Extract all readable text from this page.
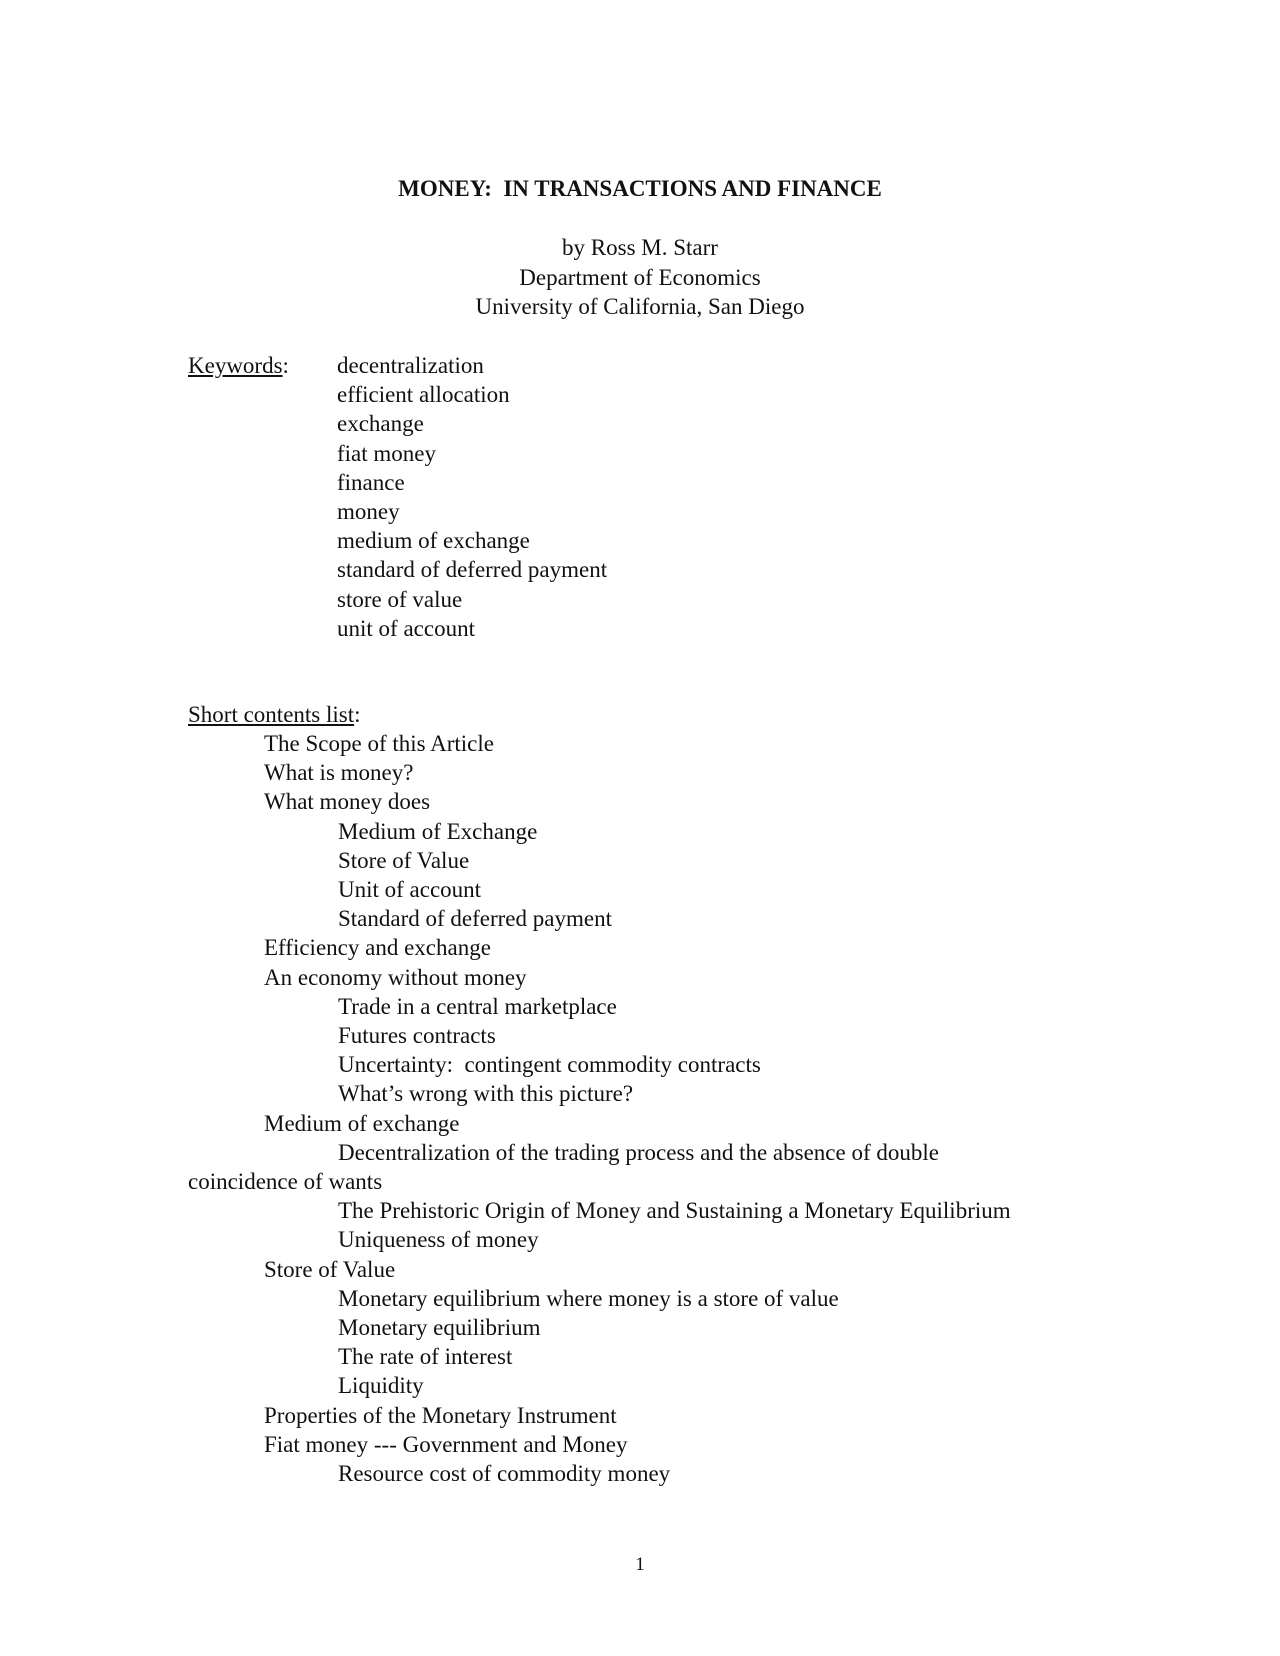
MONEY:  IN TRANSACTIONS AND FINANCE
by Ross M. Starr
Department of Economics
University of California, San Diego
Keywords: decentralization
efficient allocation
exchange
fiat money
finance
money
medium of exchange
standard of deferred payment
store of value
unit of account
Short contents list:
The Scope of this Article
What is money?
What money does
Medium of Exchange
Store of Value
Unit of account
Standard of deferred payment
Efficiency and exchange
An economy without money
Trade in a central marketplace
Futures contracts
Uncertainty:  contingent commodity contracts
What’s wrong with this picture?
Medium of exchange
Decentralization of the trading process and the absence of double
coincidence of wants
The Prehistoric Origin of Money and Sustaining a Monetary Equilibrium
Uniqueness of money
Store of Value
Monetary equilibrium where money is a store of value
Monetary equilibrium
The rate of interest
Liquidity
Properties of the Monetary Instrument
Fiat money --- Government and Money
Resource cost of commodity money
1
